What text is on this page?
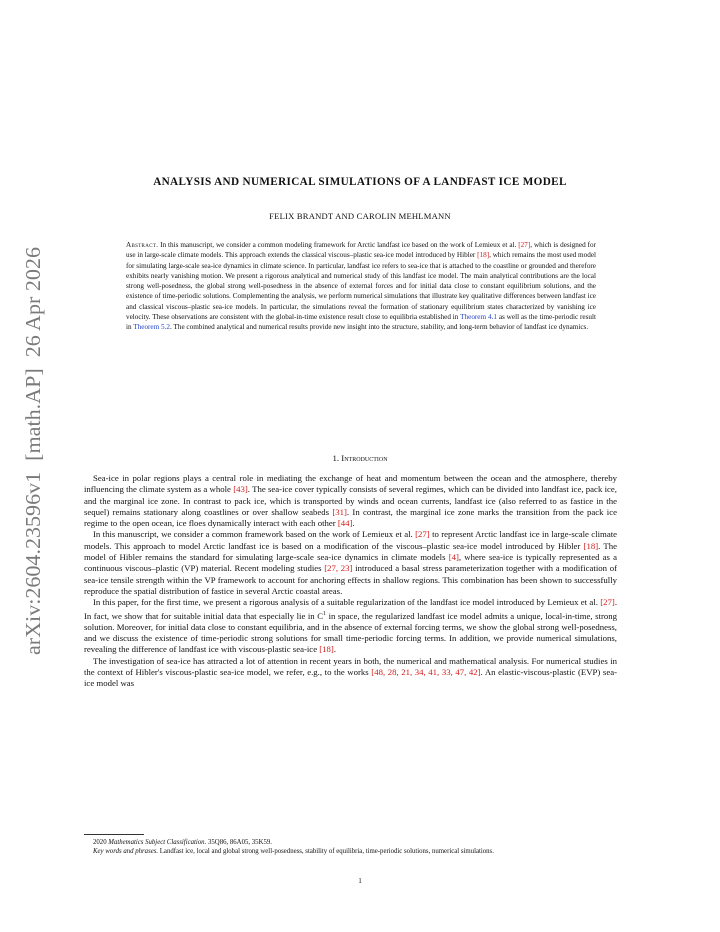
arXiv:2604.23596v1  [math.AP]  26 Apr 2026
ANALYSIS AND NUMERICAL SIMULATIONS OF A LANDFAST ICE MODEL
FELIX BRANDT AND CAROLIN MEHLMANN
Abstract. In this manuscript, we consider a common modeling framework for Arctic landfast ice based on the work of Lemieux et al. [27], which is designed for use in large-scale climate models. This approach extends the classical viscous–plastic sea-ice model introduced by Hibler [18], which remains the most used model for simulating large-scale sea-ice dynamics in climate science. In particular, landfast ice refers to sea-ice that is attached to the coastline or grounded and therefore exhibits nearly vanishing motion. We present a rigorous analytical and numerical study of this landfast ice model. The main analytical contributions are the local strong well-posedness, the global strong well-posedness in the absence of external forces and for initial data close to constant equilibrium solutions, and the existence of time-periodic solutions. Complementing the analysis, we perform numerical simulations that illustrate key qualitative differences between landfast ice and classical viscous–plastic sea-ice models. In particular, the simulations reveal the formation of stationary equilibrium states characterized by vanishing ice velocity. These observations are consistent with the global-in-time existence result close to equilibria established in Theorem 4.1 as well as the time-periodic result in Theorem 5.2. The combined analytical and numerical results provide new insight into the structure, stability, and long-term behavior of landfast ice dynamics.
1. Introduction

Sea-ice in polar regions plays a central role in mediating the exchange of heat and momentum between the ocean and the atmosphere, thereby influencing the climate system as a whole [43]. The sea-ice cover typically consists of several regimes, which can be divided into landfast ice, pack ice, and the marginal ice zone. In contrast to pack ice, which is transported by winds and ocean currents, landfast ice (also referred to as fastice in the sequel) remains stationary along coastlines or over shallow seabeds [31]. In contrast, the marginal ice zone marks the transition from the pack ice regime to the open ocean, ice floes dynamically interact with each other [44].

In this manuscript, we consider a common framework based on the work of Lemieux et al. [27] to represent Arctic landfast ice in large-scale climate models. This approach to model Arctic landfast ice is based on a modification of the viscous–plastic sea-ice model introduced by Hibler [18]. The model of Hibler remains the standard for simulating large-scale sea-ice dynamics in climate models [4], where sea-ice is typically represented as a continuous viscous–plastic (VP) material. Recent modeling studies [27, 23] introduced a basal stress parameterization together with a modification of sea-ice tensile strength within the VP framework to account for anchoring effects in shallow regions. This combination has been shown to successfully reproduce the spatial distribution of fastice in several Arctic coastal areas.

In this paper, for the first time, we present a rigorous analysis of a suitable regularization of the landfast ice model introduced by Lemieux et al. [27]. In fact, we show that for suitable initial data that especially lie in $C^1$ in space, the regularized landfast ice model admits a unique, local-in-time, strong solution. Moreover, for initial data close to constant equilibria, and in the absence of external forcing terms, we show the global strong well-posedness, and we discuss the existence of time-periodic strong solutions for small time-periodic forcing terms. In addition, we provide numerical simulations, revealing the difference of landfast ice with viscous-plastic sea-ice [18].

The investigation of sea-ice has attracted a lot of attention in recent years in both, the numerical and mathematical analysis. For numerical studies in the context of Hibler's viscous-plastic sea-ice model, we refer, e.g., to the works [48, 28, 21, 34, 41, 33, 47, 42]. An elastic-viscous-plastic (EVP) sea-ice model was

2020 Mathematics Subject Classification. 35Q86, 86A05, 35K59.

Key words and phrases. Landfast ice, local and global strong well-posedness, stability of equilibria, time-periodic solutions, numerical simulations.

1
